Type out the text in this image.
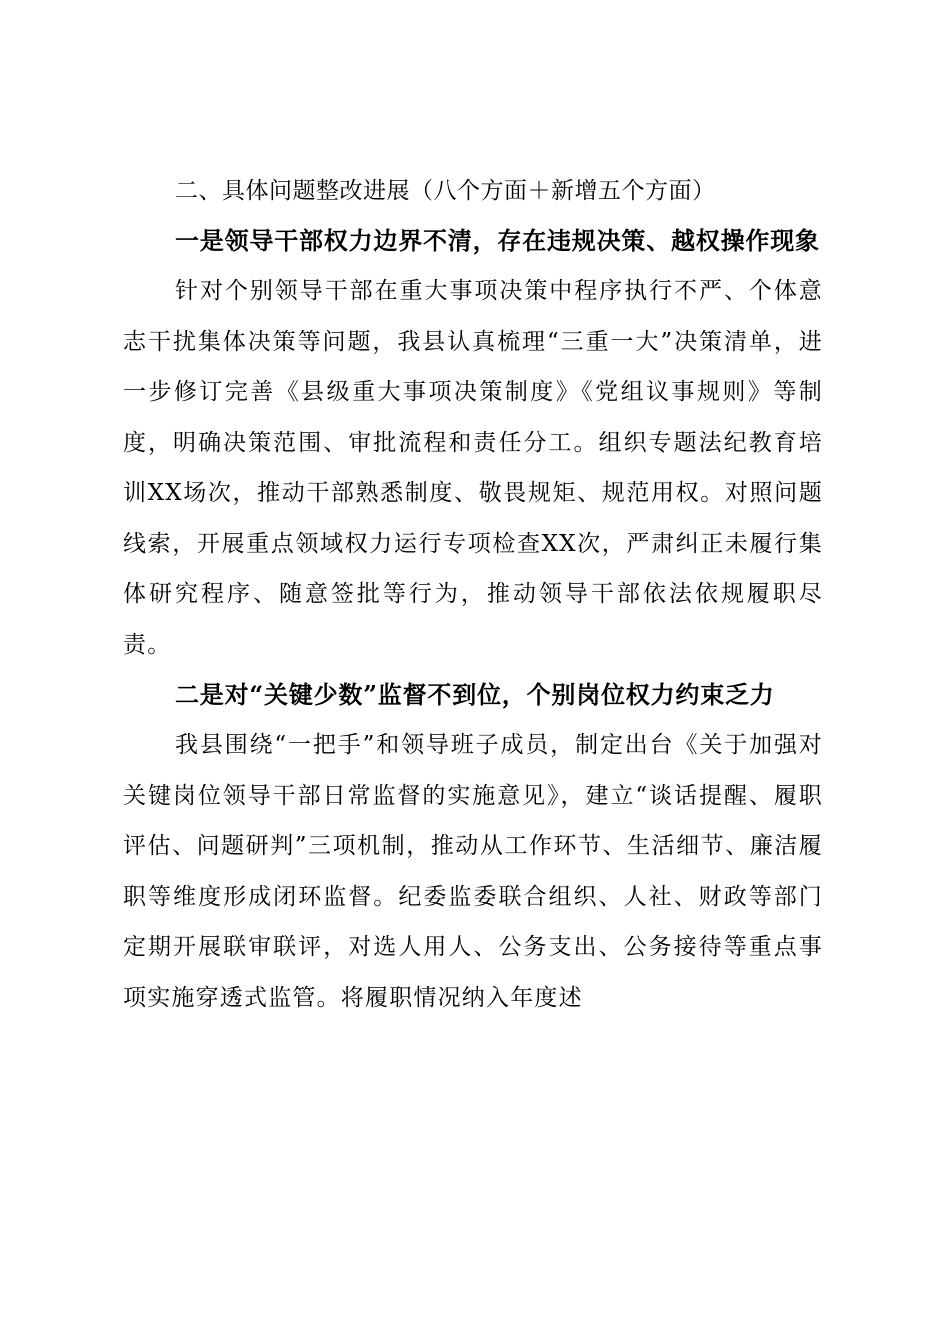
二、具体问题整改进展（八个方面＋新增五个方面）

一是领导干部权力边界不清，存在违规决策、越权操作现象

针对个别领导干部在重大事项决策中程序执行不严、个体意志干扰集体决策等问题，我县认真梳理“三重一大”决策清单，进一步修订完善《县级重大事项决策制度》《党组议事规则》等制度，明确决策范围、审批流程和责任分工。组织专题法纪教育培训XX场次，推动干部熟悉制度、敬畏规矩、规范用权。对照问题线索，开展重点领域权力运行专项检查XX次，严肃纠正未履行集体研究程序、随意签批等行为，推动领导干部依法依规履职尽责。

二是对“关键少数”监督不到位，个别岗位权力约束乏力

我县围绕“一把手”和领导班子成员，制定出台《关于加强对关键岗位领导干部日常监督的实施意见》，建立“谈话提醒、履职评估、问题研判”三项机制，推动从工作环节、生活细节、廉洁履职等维度形成闭环监督。纪委监委联合组织、人社、财政等部门定期开展联审联评，对选人用人、公务支出、公务接待等重点事项实施穿透式监管。将履职情况纳入年度述
